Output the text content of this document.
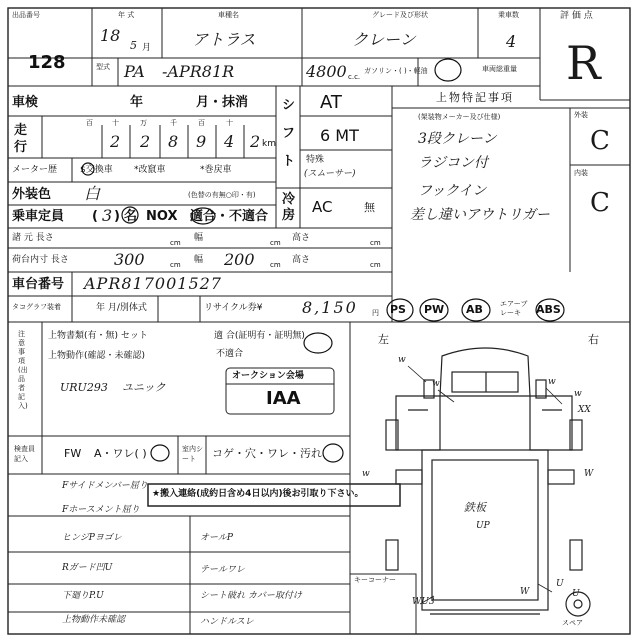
出品番号
128
年 式
18
5 月
車種名
アトラス
グレード及び形状
クレーン
乗車数
4
評 価 点
R
型式 PA -APR81R	4800 c.c.
ガソリン・( )・軽油	車両総重量
車検	年	月・抹消
走行
百	十	万	千	百	十
2 2 8 9 4 2 km
メーター歴	$交換車 *改竄車	*巻戻車
シフト
AT
6 MT
特殊
(スムーサー)
冷房 AC	無
外装色 白	(色替の有無○印・有)
乗車定員 ( 3 ) 名 NOX 適合・不適合
諸 元 長さ	幅	高さ
cm	cm	cm
荷台内寸 長さ	300	cm 幅 200 cm 高さ	cm
車台番号 APR817001527
上物特記事項
(架装物メーカー及び仕様)
3段クレーン
ラジコン付
フックイン
差し違いアウトリガー
外装
C
内装
C
タコグラフ装着	年 月/別体式	リサイクル券¥ 8,150 円 PS PW AB エアーブレーキ	ABS
注意事項(出品者記入)
上物書類(有・無) セット	適 合(証明有・証明無)
不適合
上物動作(確認・未確認)
URU293 ユニック
オークション会場
IAA
左	右
スペア
w
w	w
w
XX
w	W
WU3
W
U
U
鉄板
UP
検査員記入	FW A・ワレ( )	室内シート	コゲ・穴・ワレ・汚れ
★搬入連絡(成約日含め4日以内)後お引取り下さい。
Fサイドメンバー屈り
Fホースメント屈り
ヒンジPヨゴレ	オールP
Rガード凹U	テールワレ
下廻りP.U	シート破れ カバー取付け
上物動作未確認	ハンドルスレ
キーコーナー
